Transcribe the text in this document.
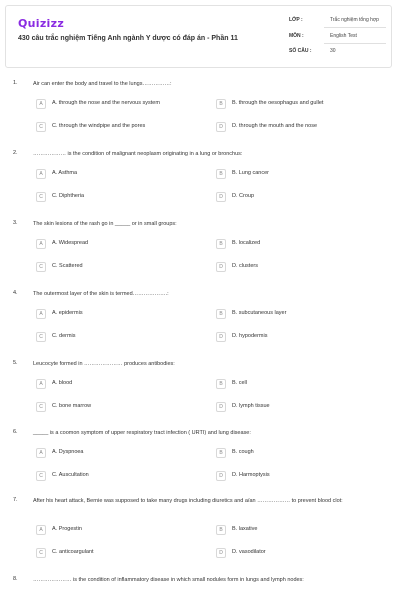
Quizizz
430 câu trắc nghiệm Tiếng Anh ngành Y dược có đáp án - Phần 11
LỚP :	Trắc nghiệm tổng hợp
MÔN :	English Test
SỐ CÂU :	30
1.	Air can enter the body and travel to the lungs……………:
A	A. through the nose and the nervous system	B	B. through the oesophagus and gullet
C	C. through the windpipe and the pores	D	D. through the mouth and the nose
2.	……………… is the condition of malignant neoplasm originating in a lung or bronchus:
A	A. Asthma	B	B. Lung cancer
C	C. Diphtheria	D	D. Croup
3.	The skin lesions of the rash go in _____ or in small groups:
A	A. Widespread	B	B. localized
C	C. Scattered	D	D. clusters
4.	The outermost layer of the skin is termed……………….:
A	A. epidermis	B	B. subcutaneous layer
C	C. dermis	D	D. hypodermis
5.	Leucocyte formed in ………………… produces antibodies:
A	A. blood	B	B. cell
C	C. bone marrow	D	D. lymph tissue
6.	_____ is a coomon symptom of upper respiratory tract infection ( URTI) and lung disease:
A	A. Dyspnoea	B	B. cough
C	C. Auscultation	D	D. Harmoptysis
7.	After his heart attack, Bernie was supposed to take many drugs including diuretics and a/an ……………… to prevent blood clot:
A	A. Progestin	B	B. laxative
C	C. anticoargulant	D	D. vasodilator
8.	………………… is the condition of inflammatory disease in which small nodules form in lungs and lymph nodes:
